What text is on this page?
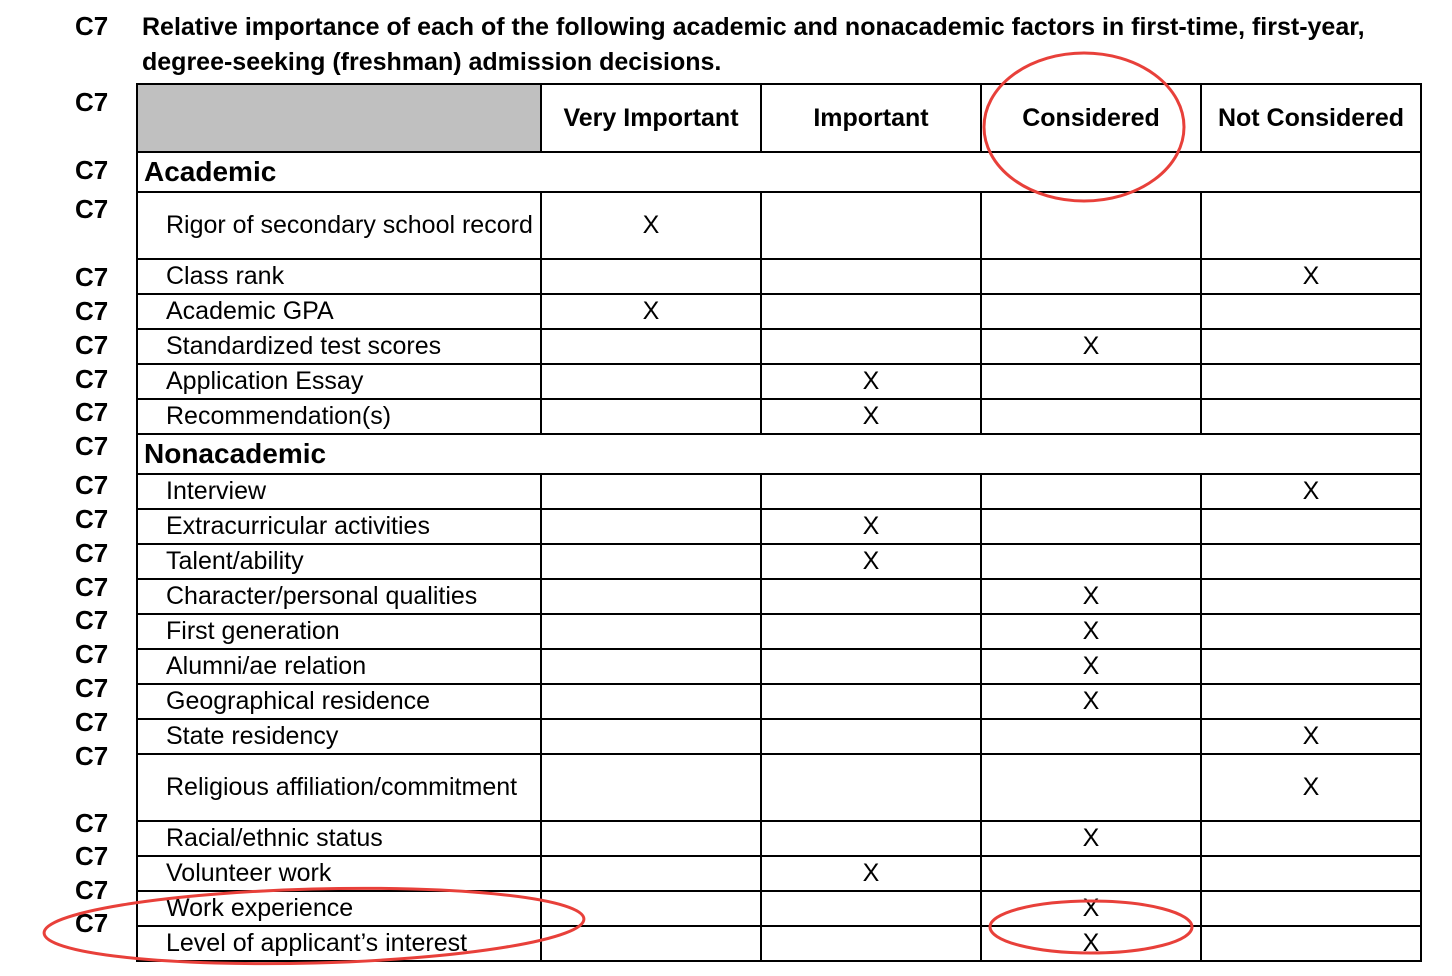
C7
C7
C7
C7
C7
C7
C7
C7
C7
C7
C7
C7
C7
C7
C7
C7
C7
C7
C7
C7
C7
C7
C7
Relative importance of each of the following academic and nonacademic factors in first-time, first-year, degree-seeking (freshman) admission decisions.
	Very Important	Important	Considered	Not Considered
Academic				
Rigor of secondary school record	X			
Class rank				X
Academic GPA	X			
Standardized test scores			X	
Application Essay		X		
Recommendation(s)		X		
Nonacademic				
Interview				X
Extracurricular activities		X		
Talent/ability		X		
Character/personal qualities			X	
First generation			X	
Alumni/ae relation			X	
Geographical residence			X	
State residency				X
Religious affiliation/commitment				X
Racial/ethnic status			X	
Volunteer work		X		
Work experience			X	
Level of applicant’s interest			X	
